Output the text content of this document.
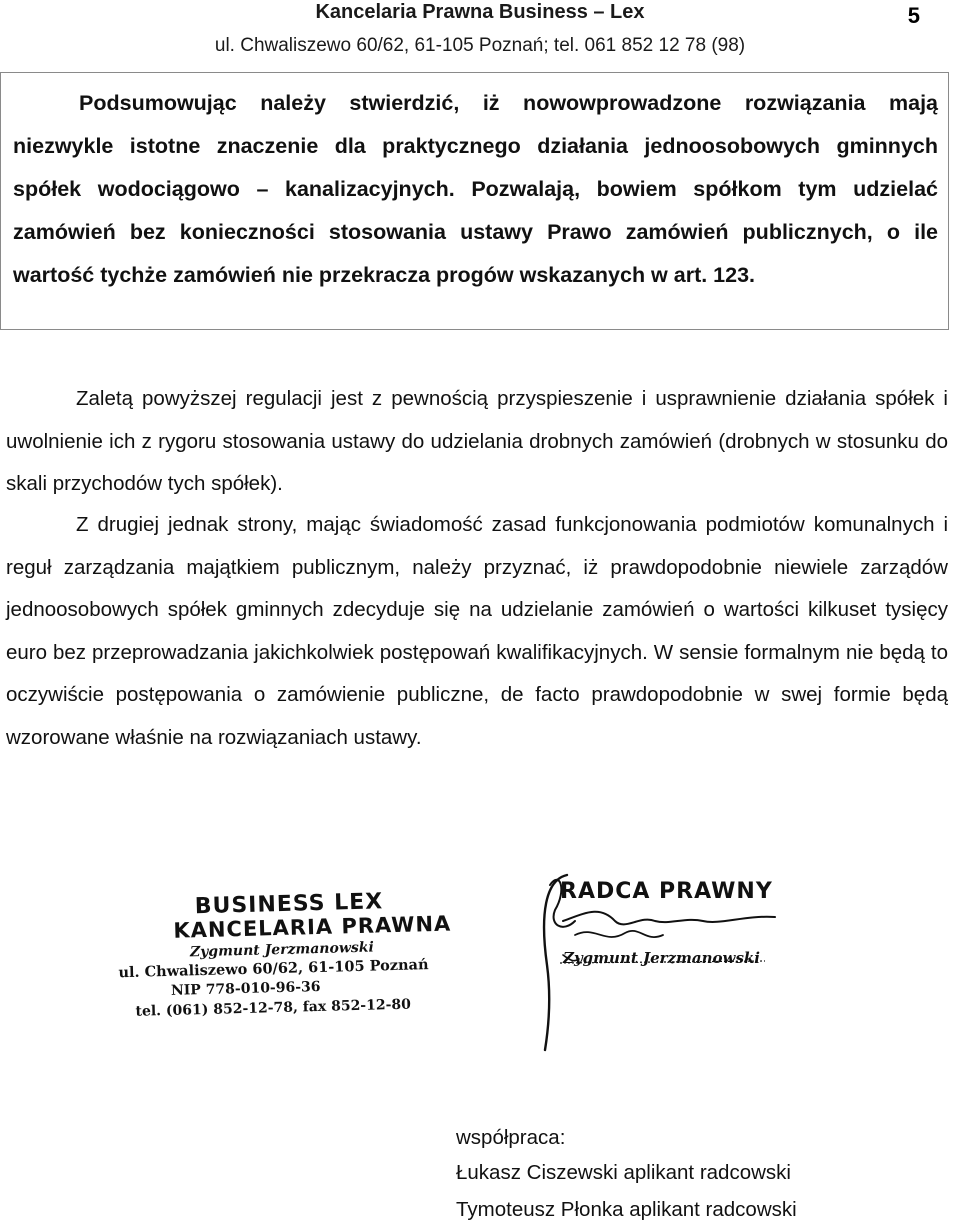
Kancelaria Prawna Business – Lex
ul. Chwaliszewo 60/62, 61-105 Poznań; tel. 061 852 12 78 (98)
5

Podsumowując należy stwierdzić, iż nowowprowadzone rozwiązania mają niezwykle istotne znaczenie dla praktycznego działania jednoosobowych gminnych spółek wodociągowo – kanalizacyjnych. Pozwalają, bowiem spółkom tym udzielać zamówień bez konieczności stosowania ustawy Prawo zamówień publicznych, o ile wartość tychże zamówień nie przekracza progów wskazanych w art. 123.

Zaletą powyższej regulacji jest z pewnością przyspieszenie i usprawnienie działania spółek i uwolnienie ich z rygoru stosowania ustawy do udzielania drobnych zamówień (drobnych w stosunku do skali przychodów tych spółek).

Z drugiej jednak strony, mając świadomość zasad funkcjonowania podmiotów komunalnych i reguł zarządzania majątkiem publicznym, należy przyznać, iż prawdopodobnie niewiele zarządów jednoosobowych spółek gminnych zdecyduje się na udzielanie zamówień o wartości kilkuset tysięcy euro bez przeprowadzania jakichkolwiek postępowań kwalifikacyjnych. W sensie formalnym nie będą to oczywiście postępowania o zamówienie publiczne, de facto prawdopodobnie w swej formie będą wzorowane właśnie na rozwiązaniach ustawy.

BUSINESS LEX
KANCELARIA PRAWNA
Zygmunt Jerzmanowski
ul. Chwaliszewo 60/62, 61-105 Poznań
NIP 778-010-96-36
tel. (061) 852-12-78, fax 852-12-80
RADCA PRAWNY
Zygmunt Jerzmanowski
współpraca:
Łukasz Ciszewski aplikant radcowski
Tymoteusz Płonka aplikant radcowski
